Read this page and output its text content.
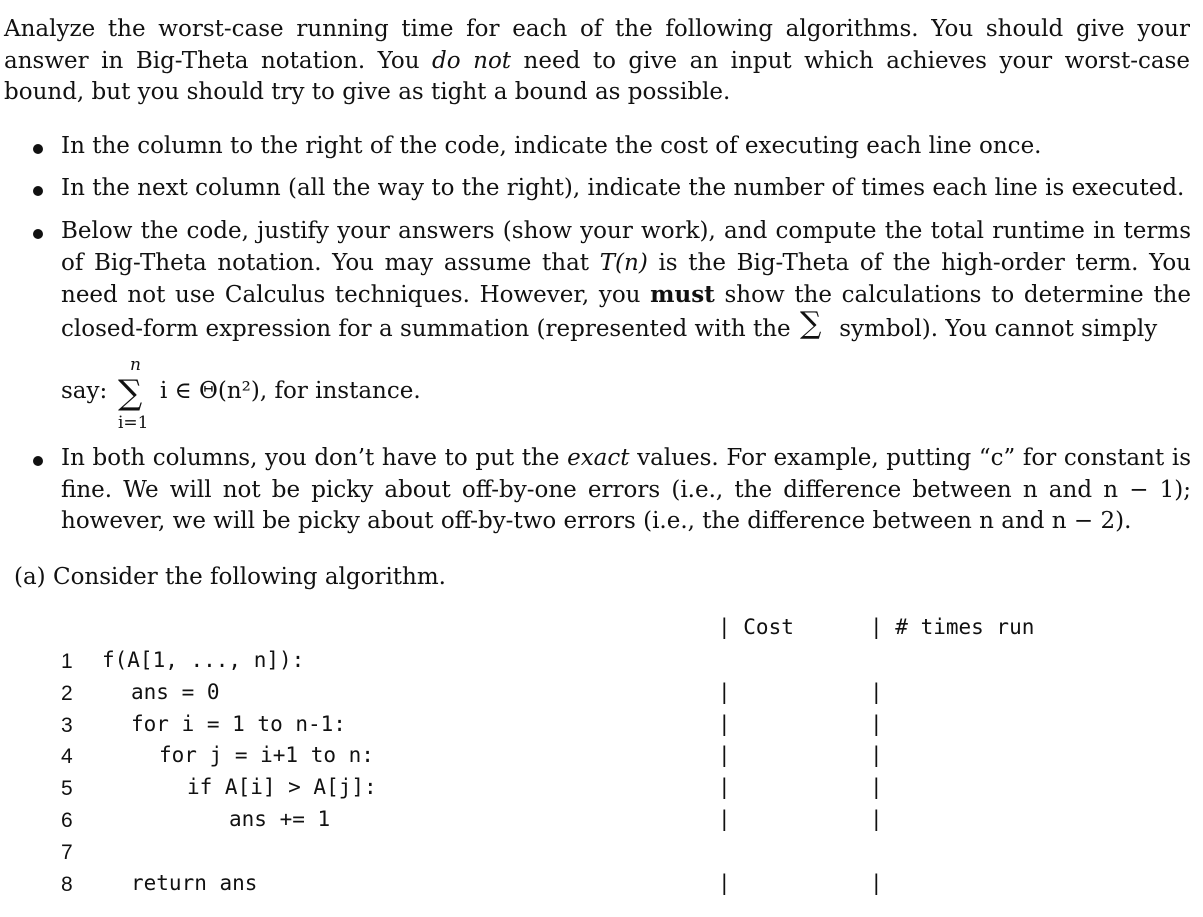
Analyze the worst-case running time for each of the following algorithms. You should give your answer in Big-Theta notation. You do not need to give an input which achieves your worst-case bound, but you should try to give as tight a bound as possible.
In the column to the right of the code, indicate the cost of executing each line once.
In the next column (all the way to the right), indicate the number of times each line is executed.
Below the code, justify your answers (show your work), and compute the total runtime in terms of Big-Theta notation. You may assume that T(n) is the Big-Theta of the high-order term. You need not use Calculus techniques. However, you must show the calculations to determine the closed-form expression for a summation (represented with the ∑ symbol). You cannot simply
say:
n
∑
i=1
i ∈ Θ(n²), for instance.
In both columns, you don’t have to put the exact values. For example, putting “c” for constant is fine. We will not be picky about off-by-one errors (i.e., the difference between n and n − 1); however, we will be picky about off-by-two errors (i.e., the difference between n and n − 2).
(a) Consider the following algorithm.
| Cost	| # times run
1 f(A[1, ..., n]):
2	ans = 0	|	|
3	for i = 1 to n-1:	|	|
4	for j = i+1 to n:	|	|
5	if A[i] > A[j]:	|	|
6	ans += 1	|	|
7
8	return ans	|	|
